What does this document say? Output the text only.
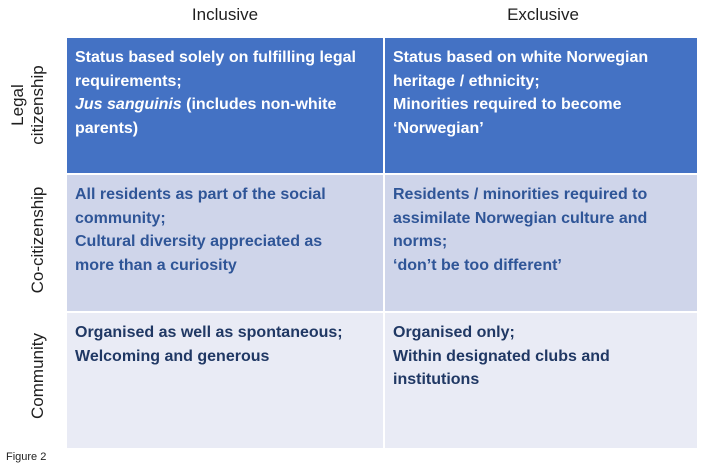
Inclusive	Exclusive
Legal citizenship
Co-citizenship
Community
Status based solely on fulfilling legal
requirements;
Jus sanguinis (includes non-white
parents)
Status based on white Norwegian
heritage / ethnicity;
Minorities required to become
‘Norwegian’
All residents as part of the social
community;
Cultural diversity appreciated as
more than a curiosity
Residents / minorities required to
assimilate Norwegian culture and
norms;
‘don’t be too different’
Organised as well as spontaneous;
Welcoming and generous
Organised only;
Within designated clubs and
institutions
Figure 2
